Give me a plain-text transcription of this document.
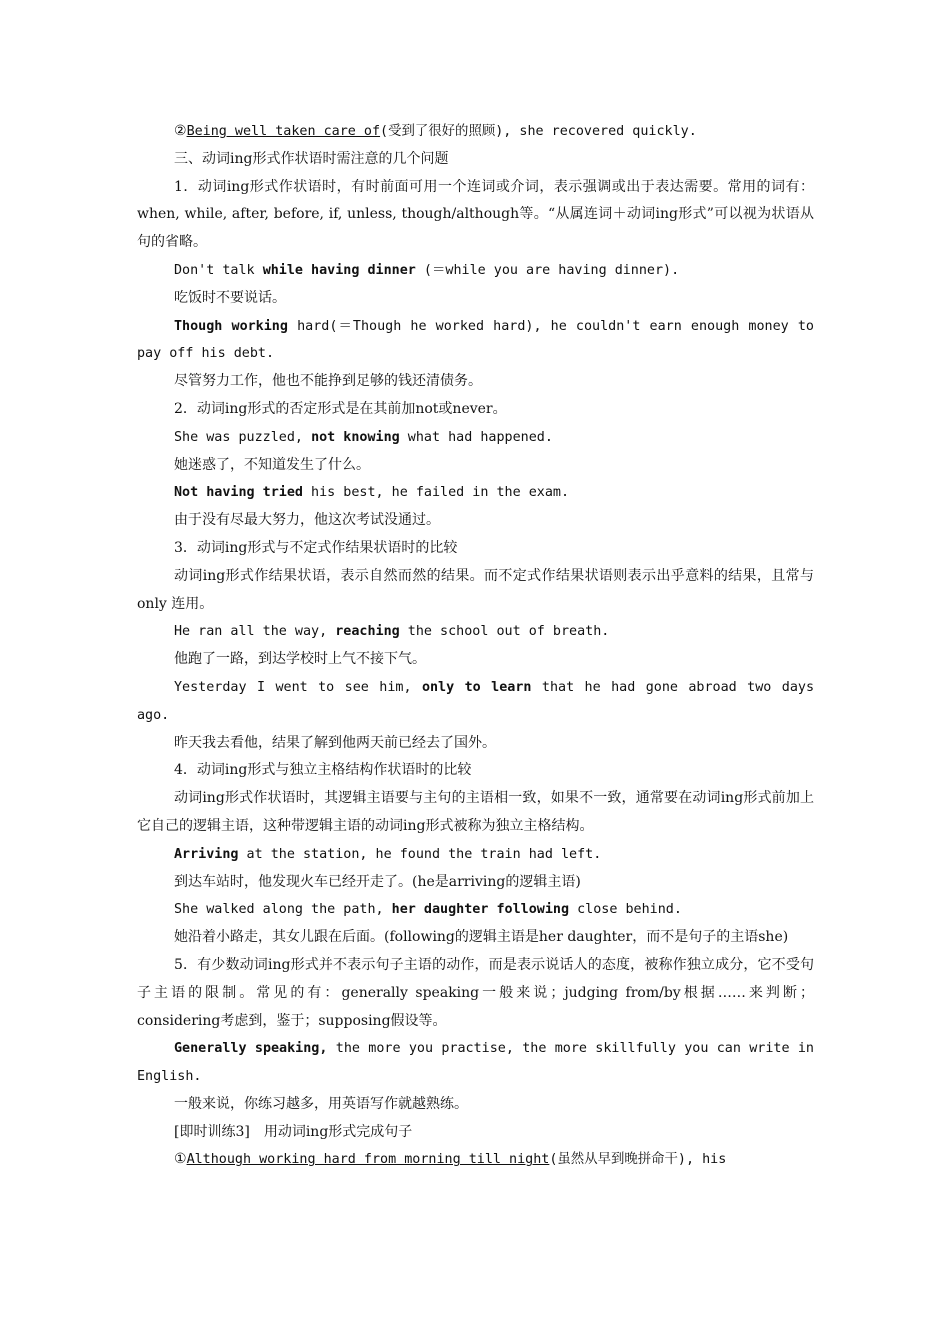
②Being well taken care of(受到了很好的照顾), she recovered quickly.

三、动词ing形式作状语时需注意的几个问题

1．动词ing形式作状语时，有时前面可用一个连词或介词，表示强调或出于表达需要。常用的词有：when, while, after, before, if, unless, though/although等。“从属连词＋动词ing形式”可以视为状语从句的省略。

Don't talk while having dinner (＝while you are having dinner).

吃饭时不要说话。

Though working hard(＝Though he worked hard), he couldn't earn enough money to pay off his debt.

尽管努力工作，他也不能挣到足够的钱还清债务。

2．动词ing形式的否定形式是在其前加not或never。

She was puzzled, not knowing what had happened.

她迷惑了，不知道发生了什么。

Not having tried his best, he failed in the exam.

由于没有尽最大努力，他这次考试没通过。

3．动词ing形式与不定式作结果状语时的比较

动词ing形式作结果状语，表示自然而然的结果。而不定式作结果状语则表示出乎意料的结果，且常与only 连用。

He ran all the way, reaching the school out of breath.

他跑了一路，到达学校时上气不接下气。

Yesterday I went to see him, only to learn that he had gone abroad two days ago.

昨天我去看他，结果了解到他两天前已经去了国外。

4．动词ing形式与独立主格结构作状语时的比较

动词ing形式作状语时，其逻辑主语要与主句的主语相一致，如果不一致，通常要在动词ing形式前加上它自己的逻辑主语，这种带逻辑主语的动词ing形式被称为独立主格结构。

Arriving at the station, he found the train had left.

到达车站时，他发现火车已经开走了。(he是arriving的逻辑主语)

She walked along the path, her daughter following close behind.

她沿着小路走，其女儿跟在后面。(following的逻辑主语是her daughter，而不是句子的主语she)

5．有少数动词ing形式并不表示句子主语的动作，而是表示说话人的态度，被称作独立成分，它不受句子主语的限制。常见的有：generally speaking一般来说；judging from/by根据……来判断；considering考虑到，鉴于；supposing假设等。

Generally speaking, the more you practise, the more skillfully you can write in English.

一般来说，你练习越多，用英语写作就越熟练。

[即时训练3]　用动词ing形式完成句子

①Although working hard from morning till night(虽然从早到晚拼命干), his
